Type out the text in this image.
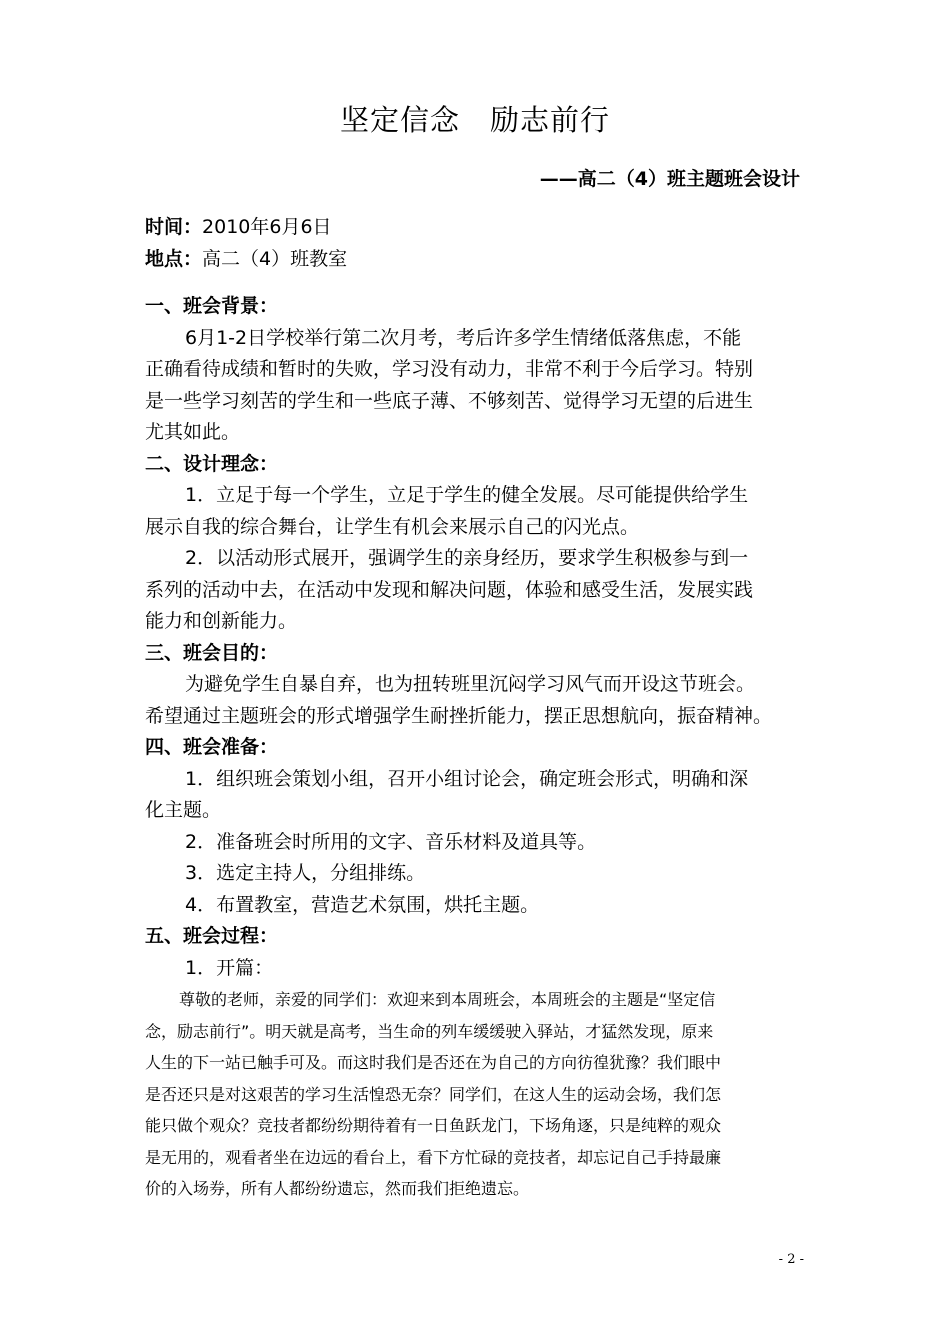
坚定信念　励志前行
——高二（4）班主题班会设计
时间：2010年6月6日
地点：高二（4）班教室
一、班会背景：
6月1-2日学校举行第二次月考，考后许多学生情绪低落焦虑，不能
正确看待成绩和暂时的失败，学习没有动力，非常不利于今后学习。特别
是一些学习刻苦的学生和一些底子薄、不够刻苦、觉得学习无望的后进生
尤其如此。
二、设计理念：
1．立足于每一个学生，立足于学生的健全发展。尽可能提供给学生
展示自我的综合舞台，让学生有机会来展示自己的闪光点。
2．以活动形式展开，强调学生的亲身经历，要求学生积极参与到一
系列的活动中去，在活动中发现和解决问题，体验和感受生活，发展实践
能力和创新能力。
三、班会目的：
为避免学生自暴自弃，也为扭转班里沉闷学习风气而开设这节班会。
希望通过主题班会的形式增强学生耐挫折能力，摆正思想航向，振奋精神。
四、班会准备：
1．组织班会策划小组，召开小组讨论会，确定班会形式，明确和深
化主题。
2．准备班会时所用的文字、音乐材料及道具等。
3．选定主持人，分组排练。
4．布置教室，营造艺术氛围，烘托主题。
五、班会过程：
1．开篇：
尊敬的老师，亲爱的同学们：欢迎来到本周班会，本周班会的主题是“坚定信
念，励志前行”。明天就是高考，当生命的列车缓缓驶入驿站，才猛然发现，原来
人生的下一站已触手可及。而这时我们是否还在为自己的方向彷徨犹豫？我们眼中
是否还只是对这艰苦的学习生活惶恐无奈？同学们，在这人生的运动会场，我们怎
能只做个观众？竞技者都纷纷期待着有一日鱼跃龙门，下场角逐，只是纯粹的观众
是无用的，观看者坐在边远的看台上，看下方忙碌的竞技者，却忘记自己手持最廉
价的入场券，所有人都纷纷遗忘，然而我们拒绝遗忘。
- 2 -
